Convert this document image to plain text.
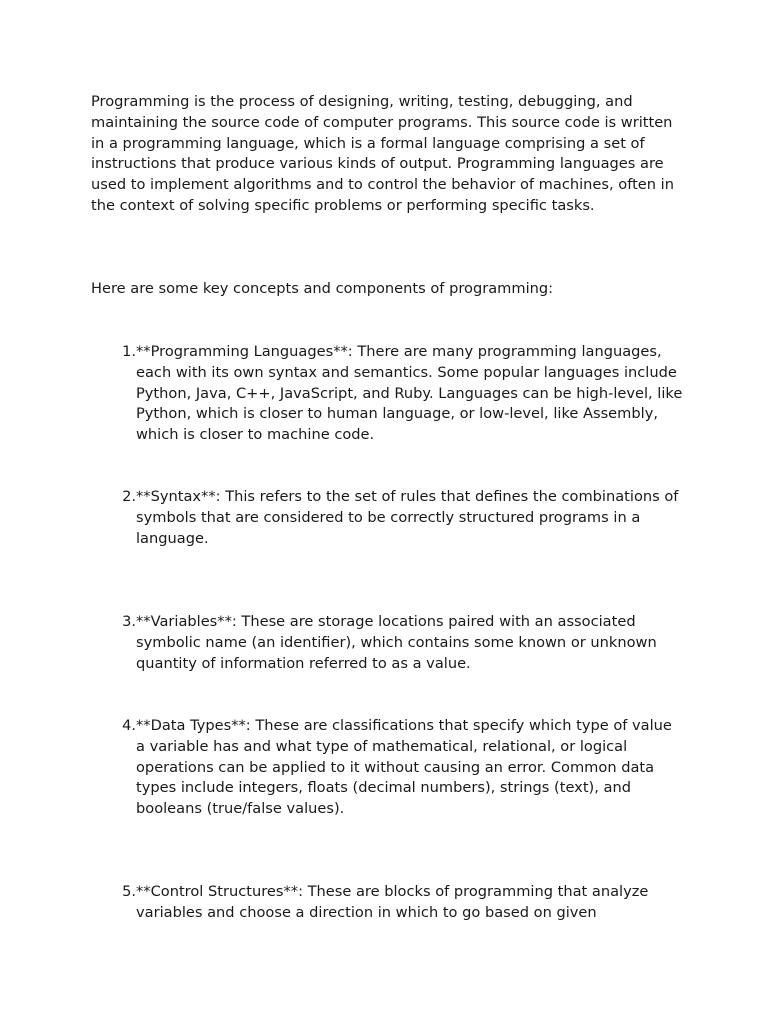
Programming is the process of designing, writing, testing, debugging, and maintaining the source code of computer programs. This source code is written in a programming language, which is a formal language comprising a set of instructions that produce various kinds of output. Programming languages are used to implement algorithms and to control the behavior of machines, often in the context of solving specific problems or performing specific tasks.

Here are some key concepts and components of programming:

1. **Programming Languages**: There are many programming languages, each with its own syntax and semantics. Some popular languages include Python, Java, C++, JavaScript, and Ruby. Languages can be high-level, like Python, which is closer to human language, or low-level, like Assembly, which is closer to machine code.

2. **Syntax**: This refers to the set of rules that defines the combinations of symbols that are considered to be correctly structured programs in a language.

3. **Variables**: These are storage locations paired with an associated symbolic name (an identifier), which contains some known or unknown quantity of information referred to as a value.

4. **Data Types**: These are classifications that specify which type of value a variable has and what type of mathematical, relational, or logical operations can be applied to it without causing an error. Common data types include integers, floats (decimal numbers), strings (text), and booleans (true/false values).

5. **Control Structures**: These are blocks of programming that analyze variables and choose a direction in which to go based on given
